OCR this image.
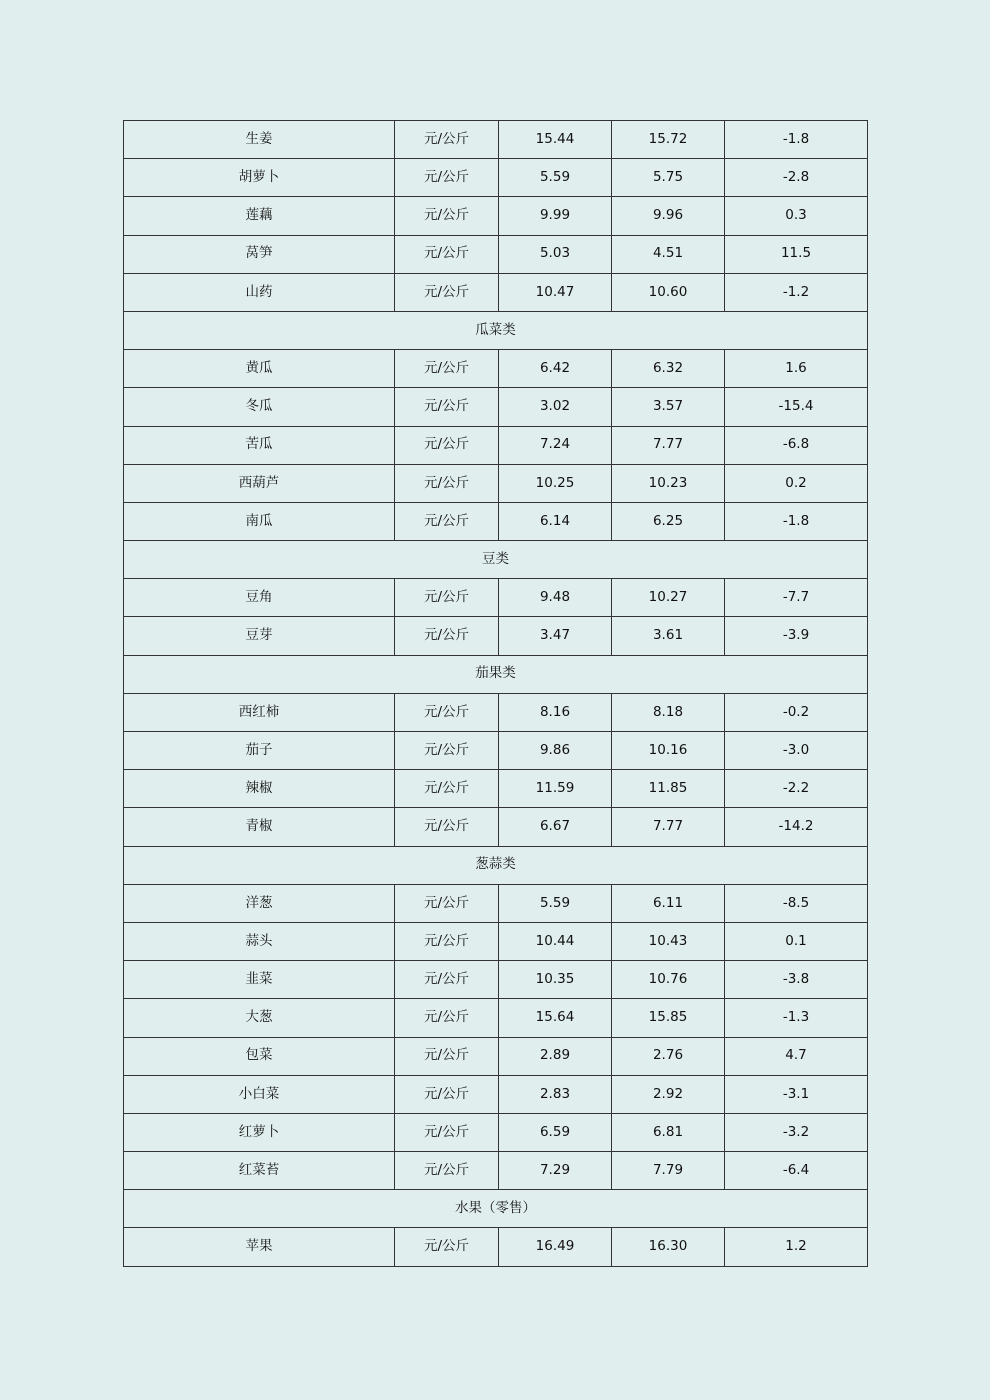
生姜	元/公斤	15.44	15.72	-1.8
胡萝卜	元/公斤	5.59	5.75	-2.8
莲藕	元/公斤	9.99	9.96	0.3
莴笋	元/公斤	5.03	4.51	11.5
山药	元/公斤	10.47	10.60	-1.2
瓜菜类				
黄瓜	元/公斤	6.42	6.32	1.6
冬瓜	元/公斤	3.02	3.57	-15.4
苦瓜	元/公斤	7.24	7.77	-6.8
西葫芦	元/公斤	10.25	10.23	0.2
南瓜	元/公斤	6.14	6.25	-1.8
豆类				
豆角	元/公斤	9.48	10.27	-7.7
豆芽	元/公斤	3.47	3.61	-3.9
茄果类				
西红柿	元/公斤	8.16	8.18	-0.2
茄子	元/公斤	9.86	10.16	-3.0
辣椒	元/公斤	11.59	11.85	-2.2
青椒	元/公斤	6.67	7.77	-14.2
葱蒜类				
洋葱	元/公斤	5.59	6.11	-8.5
蒜头	元/公斤	10.44	10.43	0.1
韭菜	元/公斤	10.35	10.76	-3.8
大葱	元/公斤	15.64	15.85	-1.3
包菜	元/公斤	2.89	2.76	4.7
小白菜	元/公斤	2.83	2.92	-3.1
红萝卜	元/公斤	6.59	6.81	-3.2
红菜苔	元/公斤	7.29	7.79	-6.4
水果（零售）				
苹果	元/公斤	16.49	16.30	1.2
